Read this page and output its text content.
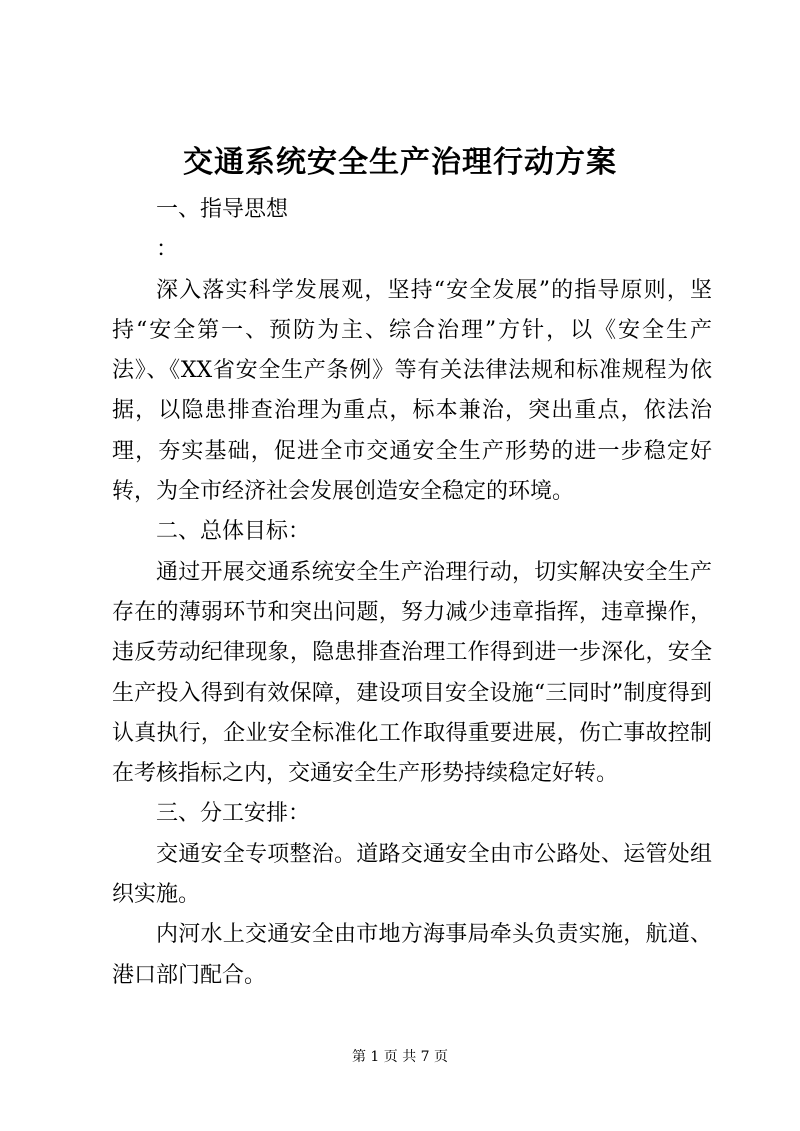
交通系统安全生产治理行动方案

一、指导思想

：

深入落实科学发展观，坚持“安全发展”的指导原则，坚持“安全第一、预防为主、综合治理”方针，以《安全生产法》、《XX省安全生产条例》等有关法律法规和标准规程为依据，以隐患排查治理为重点，标本兼治，突出重点，依法治理，夯实基础，促进全市交通安全生产形势的进一步稳定好转，为全市经济社会发展创造安全稳定的环境。

二、总体目标：

通过开展交通系统安全生产治理行动，切实解决安全生产存在的薄弱环节和突出问题，努力减少违章指挥，违章操作，违反劳动纪律现象，隐患排查治理工作得到进一步深化，安全生产投入得到有效保障，建设项目安全设施“三同时”制度得到认真执行，企业安全标准化工作取得重要进展，伤亡事故控制在考核指标之内，交通安全生产形势持续稳定好转。

三、分工安排：

交通安全专项整治。道路交通安全由市公路处、运管处组织实施。

内河水上交通安全由市地方海事局牵头负责实施，航道、港口部门配合。

第 1 页 共 7 页
